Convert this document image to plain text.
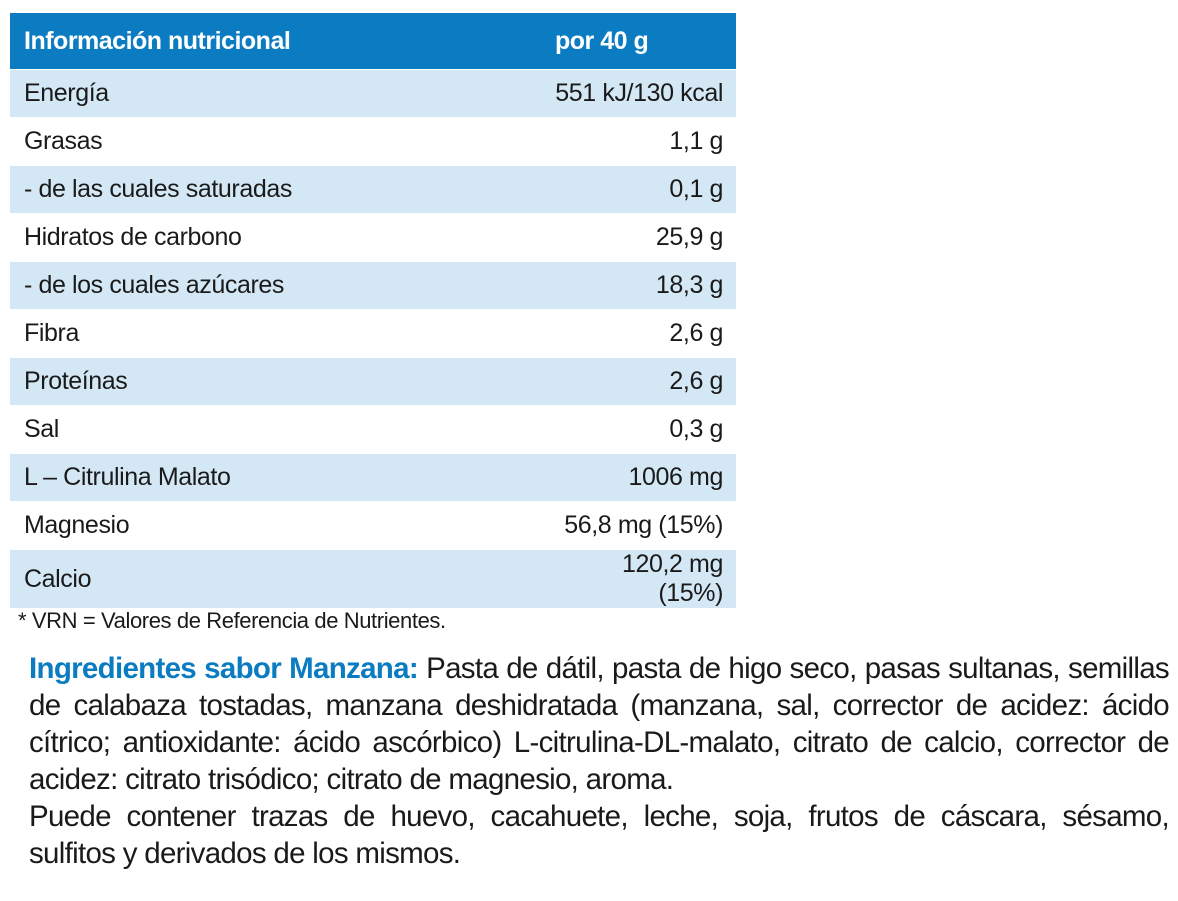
Información nutricional	por 40 g
Energía	551 kJ/130 kcal
Grasas	1,1 g
- de las cuales saturadas	0,1 g
Hidratos de carbono	25,9 g
- de los cuales azúcares	18,3 g
Fibra	2,6 g
Proteínas	2,6 g
Sal	0,3 g
L – Citrulina Malato	1006 mg
Magnesio	56,8 mg (15%)
Calcio	120,2 mg (15%)

* VRN = Valores de Referencia de Nutrientes.

Ingredientes sabor Manzana: Pasta de dátil, pasta de higo seco, pasas sultanas, semillas de calabaza tostadas, manzana deshidratada (manzana, sal, corrector de acidez: ácido cítrico; antioxidante: ácido ascórbico) L-citrulina-DL-malato, citrato de calcio, corrector de acidez: citrato trisódico; citrato de magnesio, aroma.

Puede contener trazas de huevo, cacahuete, leche, soja, frutos de cáscara, sésamo, sulfitos y derivados de los mismos.
